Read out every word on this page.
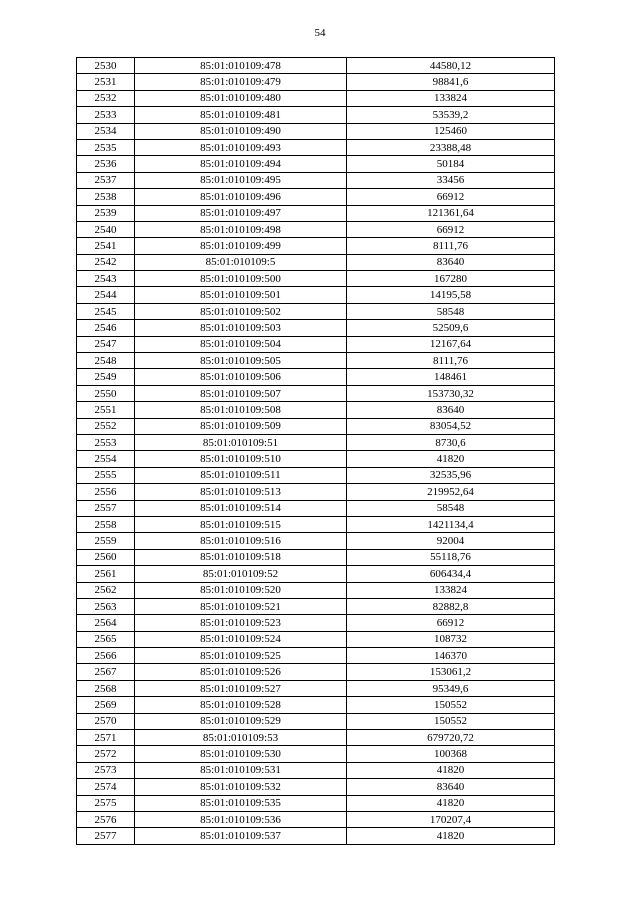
54
2530	85:01:010109:478	44580,12
2531	85:01:010109:479	98841,6
2532	85:01:010109:480	133824
2533	85:01:010109:481	53539,2
2534	85:01:010109:490	125460
2535	85:01:010109:493	23388,48
2536	85:01:010109:494	50184
2537	85:01:010109:495	33456
2538	85:01:010109:496	66912
2539	85:01:010109:497	121361,64
2540	85:01:010109:498	66912
2541	85:01:010109:499	8111,76
2542	85:01:010109:5	83640
2543	85:01:010109:500	167280
2544	85:01:010109:501	14195,58
2545	85:01:010109:502	58548
2546	85:01:010109:503	52509,6
2547	85:01:010109:504	12167,64
2548	85:01:010109:505	8111,76
2549	85:01:010109:506	148461
2550	85:01:010109:507	153730,32
2551	85:01:010109:508	83640
2552	85:01:010109:509	83054,52
2553	85:01:010109:51	8730,6
2554	85:01:010109:510	41820
2555	85:01:010109:511	32535,96
2556	85:01:010109:513	219952,64
2557	85:01:010109:514	58548
2558	85:01:010109:515	1421134,4
2559	85:01:010109:516	92004
2560	85:01:010109:518	55118,76
2561	85:01:010109:52	606434,4
2562	85:01:010109:520	133824
2563	85:01:010109:521	82882,8
2564	85:01:010109:523	66912
2565	85:01:010109:524	108732
2566	85:01:010109:525	146370
2567	85:01:010109:526	153061,2
2568	85:01:010109:527	95349,6
2569	85:01:010109:528	150552
2570	85:01:010109:529	150552
2571	85:01:010109:53	679720,72
2572	85:01:010109:530	100368
2573	85:01:010109:531	41820
2574	85:01:010109:532	83640
2575	85:01:010109:535	41820
2576	85:01:010109:536	170207,4
2577	85:01:010109:537	41820
